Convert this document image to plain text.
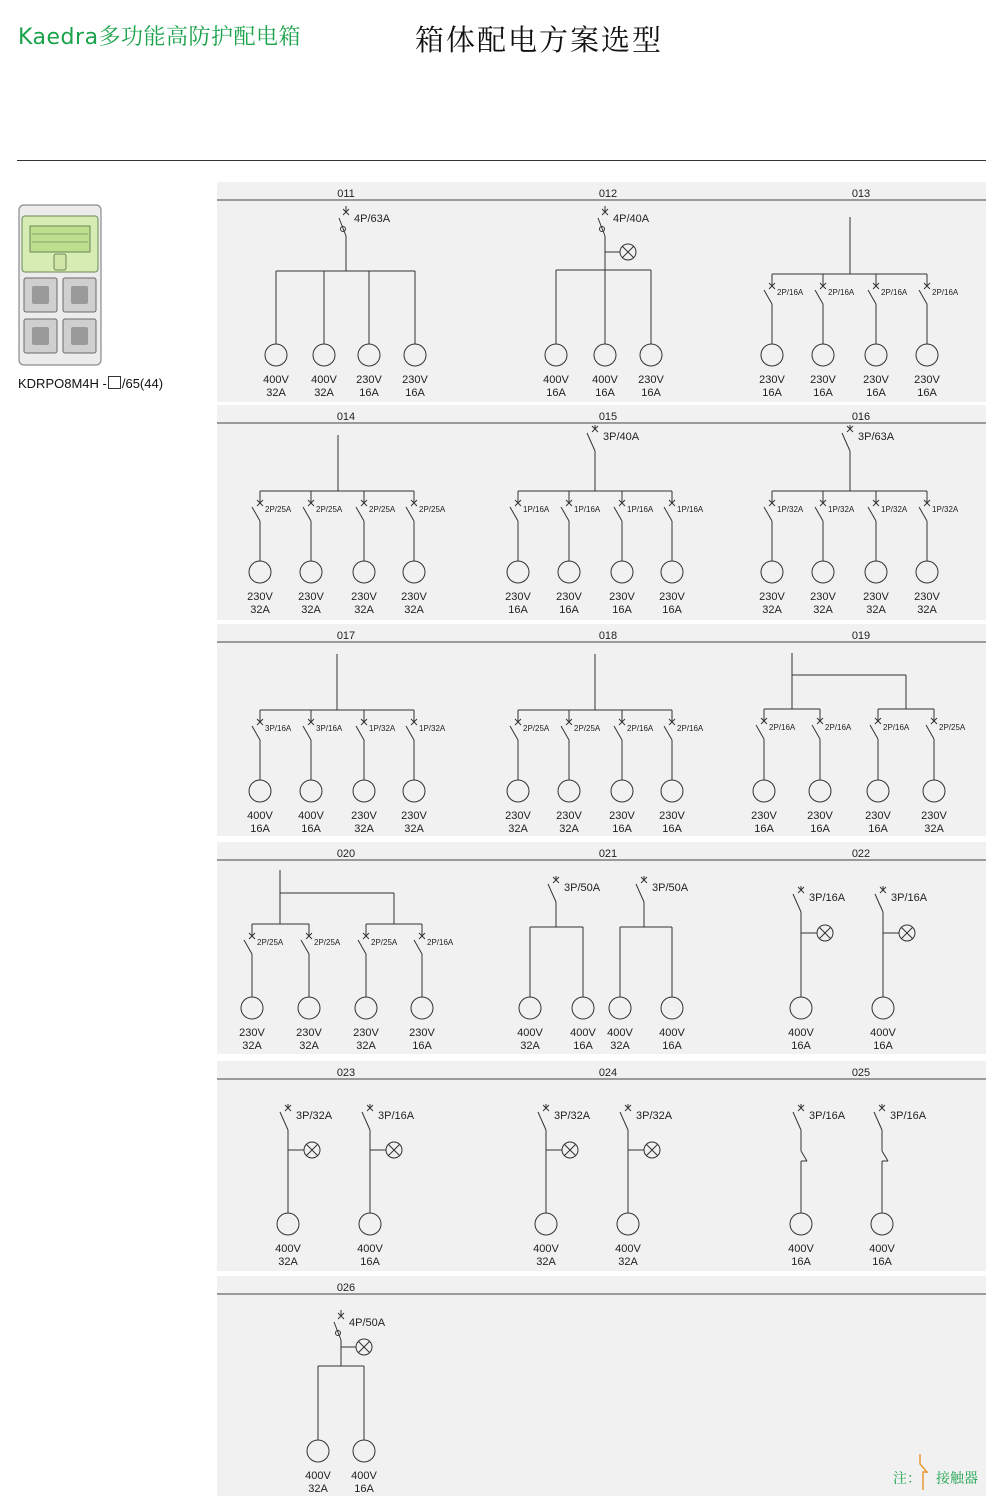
Kaedra多功能高防护配电箱	箱体配电方案选型
KDRPO8M4H - /65(44)
011
4P/63A
400V
32A
400V
32A
230V
16A
230V
16A
012
4P/40A
400V
16A
400V
16A
230V
16A
013
2P/16A
230V
16A
2P/16A
230V
16A
2P/16A
230V
16A
2P/16A
230V
16A
014
2P/25A
230V
32A
2P/25A
230V
32A
2P/25A
230V
32A
2P/25A
230V
32A
015
3P/40A
1P/16A
230V
16A
1P/16A
230V
16A
1P/16A
230V
16A
1P/16A
230V
16A
016
3P/63A
1P/32A
230V
32A
1P/32A
230V
32A
1P/32A
230V
32A
1P/32A
230V
32A
017
3P/16A
400V
16A
3P/16A
400V
16A
1P/32A
230V
32A
1P/32A
230V
32A
018
2P/25A
230V
32A
2P/25A
230V
32A
2P/16A
230V
16A
2P/16A
230V
16A
019
2P/16A
230V
16A
2P/16A
230V
16A
2P/16A
230V
16A
2P/25A
230V
32A
020
2P/25A
230V
32A
2P/25A
230V
32A
2P/25A
230V
32A
2P/16A
230V
16A
021
3P/50A	3P/50A
400V
32A
400V
16A
400V
32A
400V
16A
022
3P/16A
400V
16A
3P/16A
400V
16A
023
3P/32A
400V
32A
3P/16A
400V
16A
024
3P/32A
400V
32A
3P/32A
400V
32A
025
3P/16A
400V
16A
3P/16A
400V
16A
026
4P/50A
400V
32A
400V
16A
注： 接触器
